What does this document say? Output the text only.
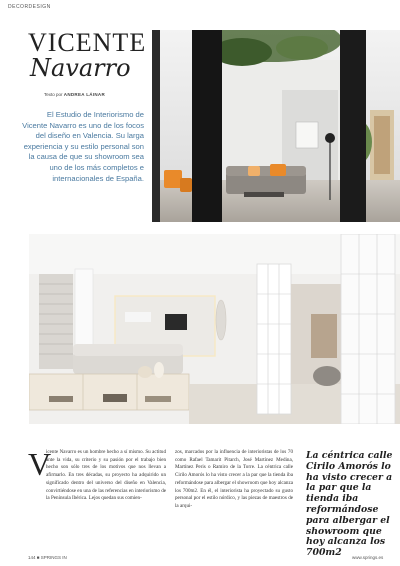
DECORDESIGN
VICENTE
Navarro
Texto por ANDREA LÁINAR
El Estudio de Interiorismo de Vicente Navarro es uno de los focos del diseño en Valencia. Su larga experiencia y su estilo personal son la causa de que su showroom sea uno de los más completos e internacionales de España.
V
icente Navarro es un hombre hecho a sí mismo. Su actitud ante la vida, su criterio y su pasión por el trabajo bien hecho son sólo tres de los motivos que nos llevan a afirmarlo. En tres décadas, su proyecto ha adquirido un significado dentro del universo del diseño en Valencia, convirtiéndose en una de las referencias en interiorismo de la Península Ibérica. Lejos quedan sus comien-
zos, marcados por la influencia de interioristas de los 70 como Rafael Tamarit Pitarch, José Martínez Medina, Martínez Peris o Ramiro de la Torre. La céntrica calle Cirilo Amorós lo ha visto crecer a la par que la tienda iba reformándose para albergar el showroom que hoy alcanza los 700m2. En él, el interiorista ha proyectado su gusto personal por el estilo nórdico, y las piezas de maestros de la arqui-
La céntrica calle Cirilo Amorós lo ha visto crecer a la par que la tienda iba reformándose para albergar el showroom que hoy alcanza los 700m2
144 ■ SPRINGS IN	www.springs.es
